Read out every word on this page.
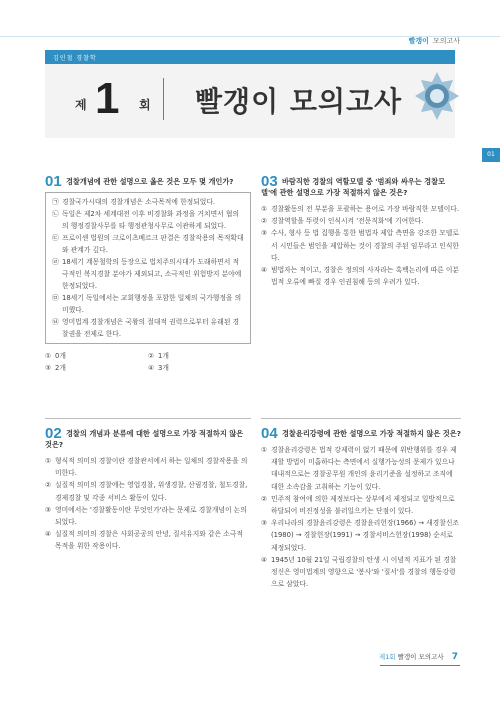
빨갱이 모의고사
김인철 경찰학
제 1 회 빨갱이 모의고사
01
01 경찰개념에 관한 설명으로 옳은 것은 모두 몇 개인가?
㉠ 경찰국가시대의 경찰개념은 소극목적에 한정되었다.
㉡ 독일은 제2차 세계대전 이후 비경찰화 과정을 거치면서 협의의 행정경찰사무를 타 행정관청사무로 이관하게 되었다.
㉢ 프로이센 법원의 크로이츠베르크 판결은 경찰작용의 목적확대와 관계가 깊다.
㉣ 18세기 계몽철학의 등장으로 법치주의시대가 도래하면서 적극적인 복지경찰 분야가 제외되고, 소극적인 위험방지 분야에 한정되었다.
㉤ 18세기 독일에서는 교회행정을 포함한 일체의 국가행정을 의미했다.
㉥ 영미법계 경찰개념은 국왕의 절대적 권력으로부터 유래된 경찰권을 전제로 한다.
① 0개	② 1개
③ 2개	④ 3개
03 바람직한 경찰의 역할모델 중 '범죄와 싸우는 경찰모델'에 관한 설명으로 가장 적절하지 않은 것은?
① 경찰활동의 전 부분을 포괄하는 용어로 가장 바람직한 모델이다.
② 경찰역할을 뚜렷이 인식시켜 '전문직화'에 기여한다.
③ 수사, 형사 등 법 집행을 통한 범법자 제압 측면을 강조한 모델로서 시민들은 범인을 제압하는 것이 경찰의 주된 임무라고 인식한다.
④ 범법자는 적이고, 경찰은 정의의 사자라는 흑백논리에 따른 이분법적 오류에 빠질 경우 인권침해 등의 우려가 있다.
02 경찰의 개념과 분류에 대한 설명으로 가장 적절하지 않은 것은?
① 형식적 의미의 경찰이란 경찰관서에서 하는 일체의 경찰작용을 의미한다.
② 실질적 의미의 경찰에는 영업경찰, 위생경찰, 산림경찰, 철도경찰, 경제경찰 및 각종 서비스 활동이 있다.
③ 영미에서는 '경찰활동이란 무엇인가'라는 문제로 경찰개념이 논의되었다.
④ 실질적 의미의 경찰은 사회공공의 안녕, 질서유지와 같은 소극적 목적을 위한 작용이다.
04 경찰윤리강령에 관한 설명으로 가장 적절하지 않은 것은?
① 경찰윤리강령은 법적 강제력이 없기 때문에 위반행위를 경우 제재할 방법이 미흡하다는 측면에서 실행가능성의 문제가 있으나 대내적으로는 경찰공무원 개인의 윤리기준을 설정하고 조직에 대한 소속감을 고취하는 기능이 있다.
② 민주적 참여에 의한 제정보다는 상부에서 제정되고 일방적으로 하달되어 비진정성을 불러일으키는 단점이 있다.
③ 우리나라의 경찰윤리강령은 경찰윤리헌장(1966) → 새경찰신조(1980) → 경찰헌장(1991) → 경찰서비스헌장(1998) 순서로 제정되었다.
④ 1945년 10월 21일 국립경찰의 탄생 시 이념적 지표가 된 경찰정신은 영미법계의 영향으로 '봉사'와 '질서'를 경찰의 행동강령으로 삼았다.
제1회 빨갱이 모의고사 7
